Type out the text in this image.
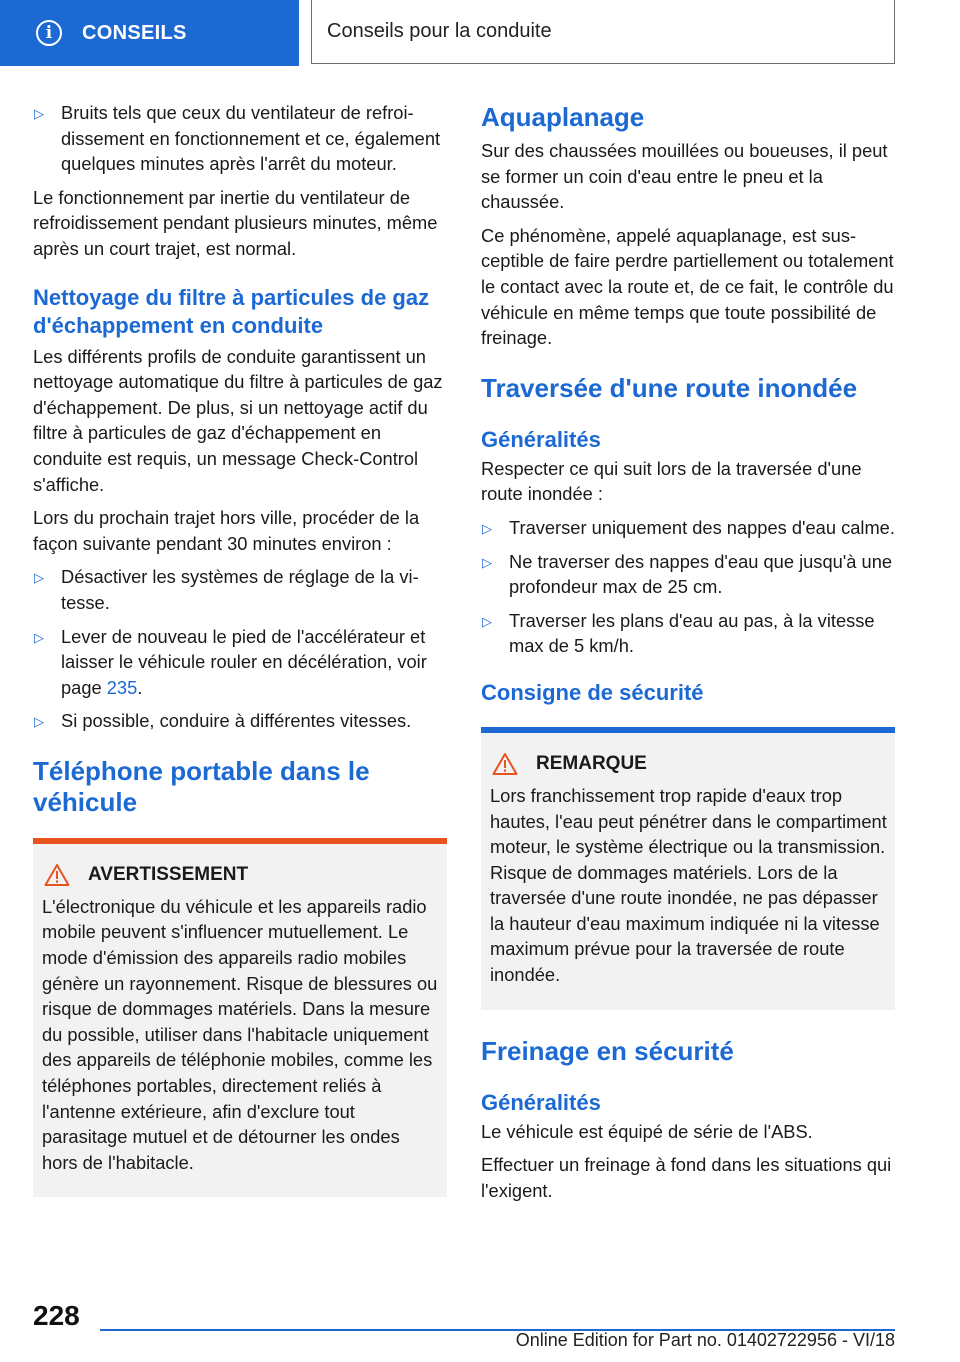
i	CONSEILS	Conseils pour la conduite
▷ Bruits tels que ceux du ventilateur de refroidissement en fonctionnement et ce, également quelques minutes après l'arrêt du moteur.

Le fonctionnement par inertie du ventilateur de refroidissement pendant plusieurs minutes, même après un court trajet, est normal.

Nettoyage du filtre à particules de gaz d'échappement en conduite

Les différents profils de conduite garantissent un nettoyage automatique du filtre à particules de gaz d'échappement. De plus, si un nettoyage actif du filtre à particules de gaz d'échappement en conduite est requis, un message Check-Control s'affiche.

Lors du prochain trajet hors ville, procéder de la façon suivante pendant 30 minutes environ :

▷ Désactiver les systèmes de réglage de la vitesse.
▷ Lever de nouveau le pied de l'accélérateur et laisser le véhicule rouler en décélération, voir page 235.
▷ Si possible, conduire à différentes vitesses.
Téléphone portable dans le véhicule
AVERTISSEMENT

L'électronique du véhicule et les appareils radio mobile peuvent s'influencer mutuellement. Le mode d'émission des appareils radio mobiles génère un rayonnement. Risque de blessures ou risque de dommages matériels. Dans la mesure du possible, utiliser dans l'habitacle uniquement des appareils de téléphonie mobiles, comme les téléphones portables, directement reliés à l'antenne extérieure, afin d'exclure tout parasitage mutuel et de détourner les ondes hors de l'habitacle.

Aquaplanage

Sur des chaussées mouillées ou boueuses, il peut se former un coin d'eau entre le pneu et la chaussée.

Ce phénomène, appelé aquaplanage, est susceptible de faire perdre partiellement ou totalement le contact avec la route et, de ce fait, le contrôle du véhicule en même temps que toute possibilité de freinage.

Traversée d'une route inondée
Généralités

Respecter ce qui suit lors de la traversée d'une route inondée :

▷ Traverser uniquement des nappes d'eau calme.
▷ Ne traverser des nappes d'eau que jusqu'à une profondeur max de 25 cm.
▷ Traverser les plans d'eau au pas, à la vitesse max de 5 km/h.
Consigne de sécurité
REMARQUE

Lors franchissement trop rapide d'eaux trop hautes, l'eau peut pénétrer dans le compartiment moteur, le système électrique ou la transmission. Risque de dommages matériels. Lors de la traversée d'une route inondée, ne pas dépasser la hauteur d'eau maximum indiquée ni la vitesse maximum prévue pour la traversée de route inondée.

Freinage en sécurité
Généralités

Le véhicule est équipé de série de l'ABS.

Effectuer un freinage à fond dans les situations qui l'exigent.

228
Online Edition for Part no. 01402722956 - VI/18
